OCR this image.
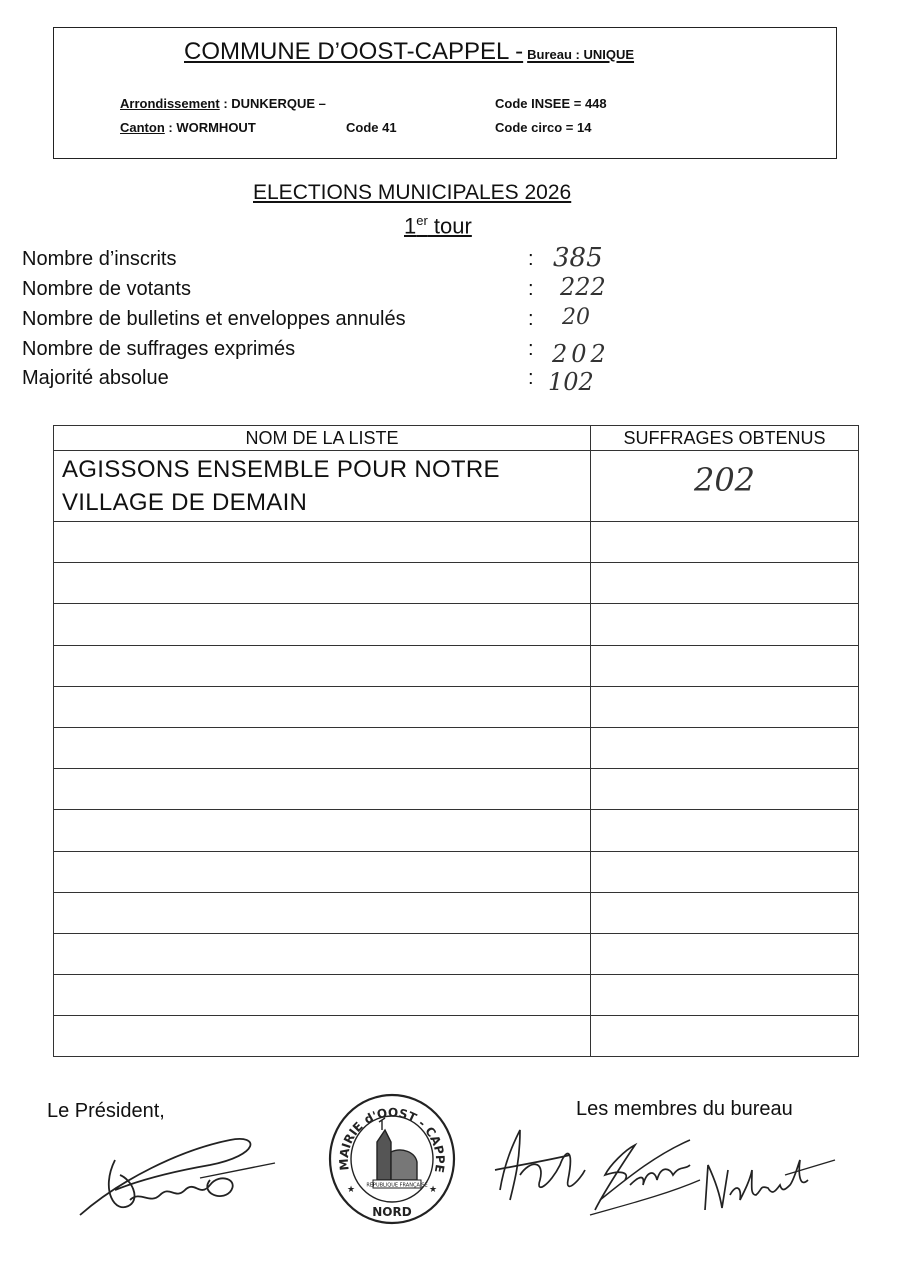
COMMUNE D’OOST-CAPPEL - Bureau : UNIQUE
Arrondissement : DUNKERQUE –
Canton : WORMHOUT	Code 41
Code INSEE = 448
Code circo = 14
ELECTIONS MUNICIPALES 2026
1er tour
Nombre d’inscrits	: 385
Nombre de votants	: 222
Nombre de bulletins et enveloppes annulés	: 20
Nombre de suffrages exprimés	: 202
Majorité absolue	: 102
NOM DE LA LISTE	SUFFRAGES OBTENUS
AGISSONS ENSEMBLE POUR NOTRE VILLAGE DE DEMAIN	202

Le Président,	Les membres du bureau
MAIRIE d'OOST - CAPPEL
REPUBLIQUE FRANÇAISE
★	★
NORD
